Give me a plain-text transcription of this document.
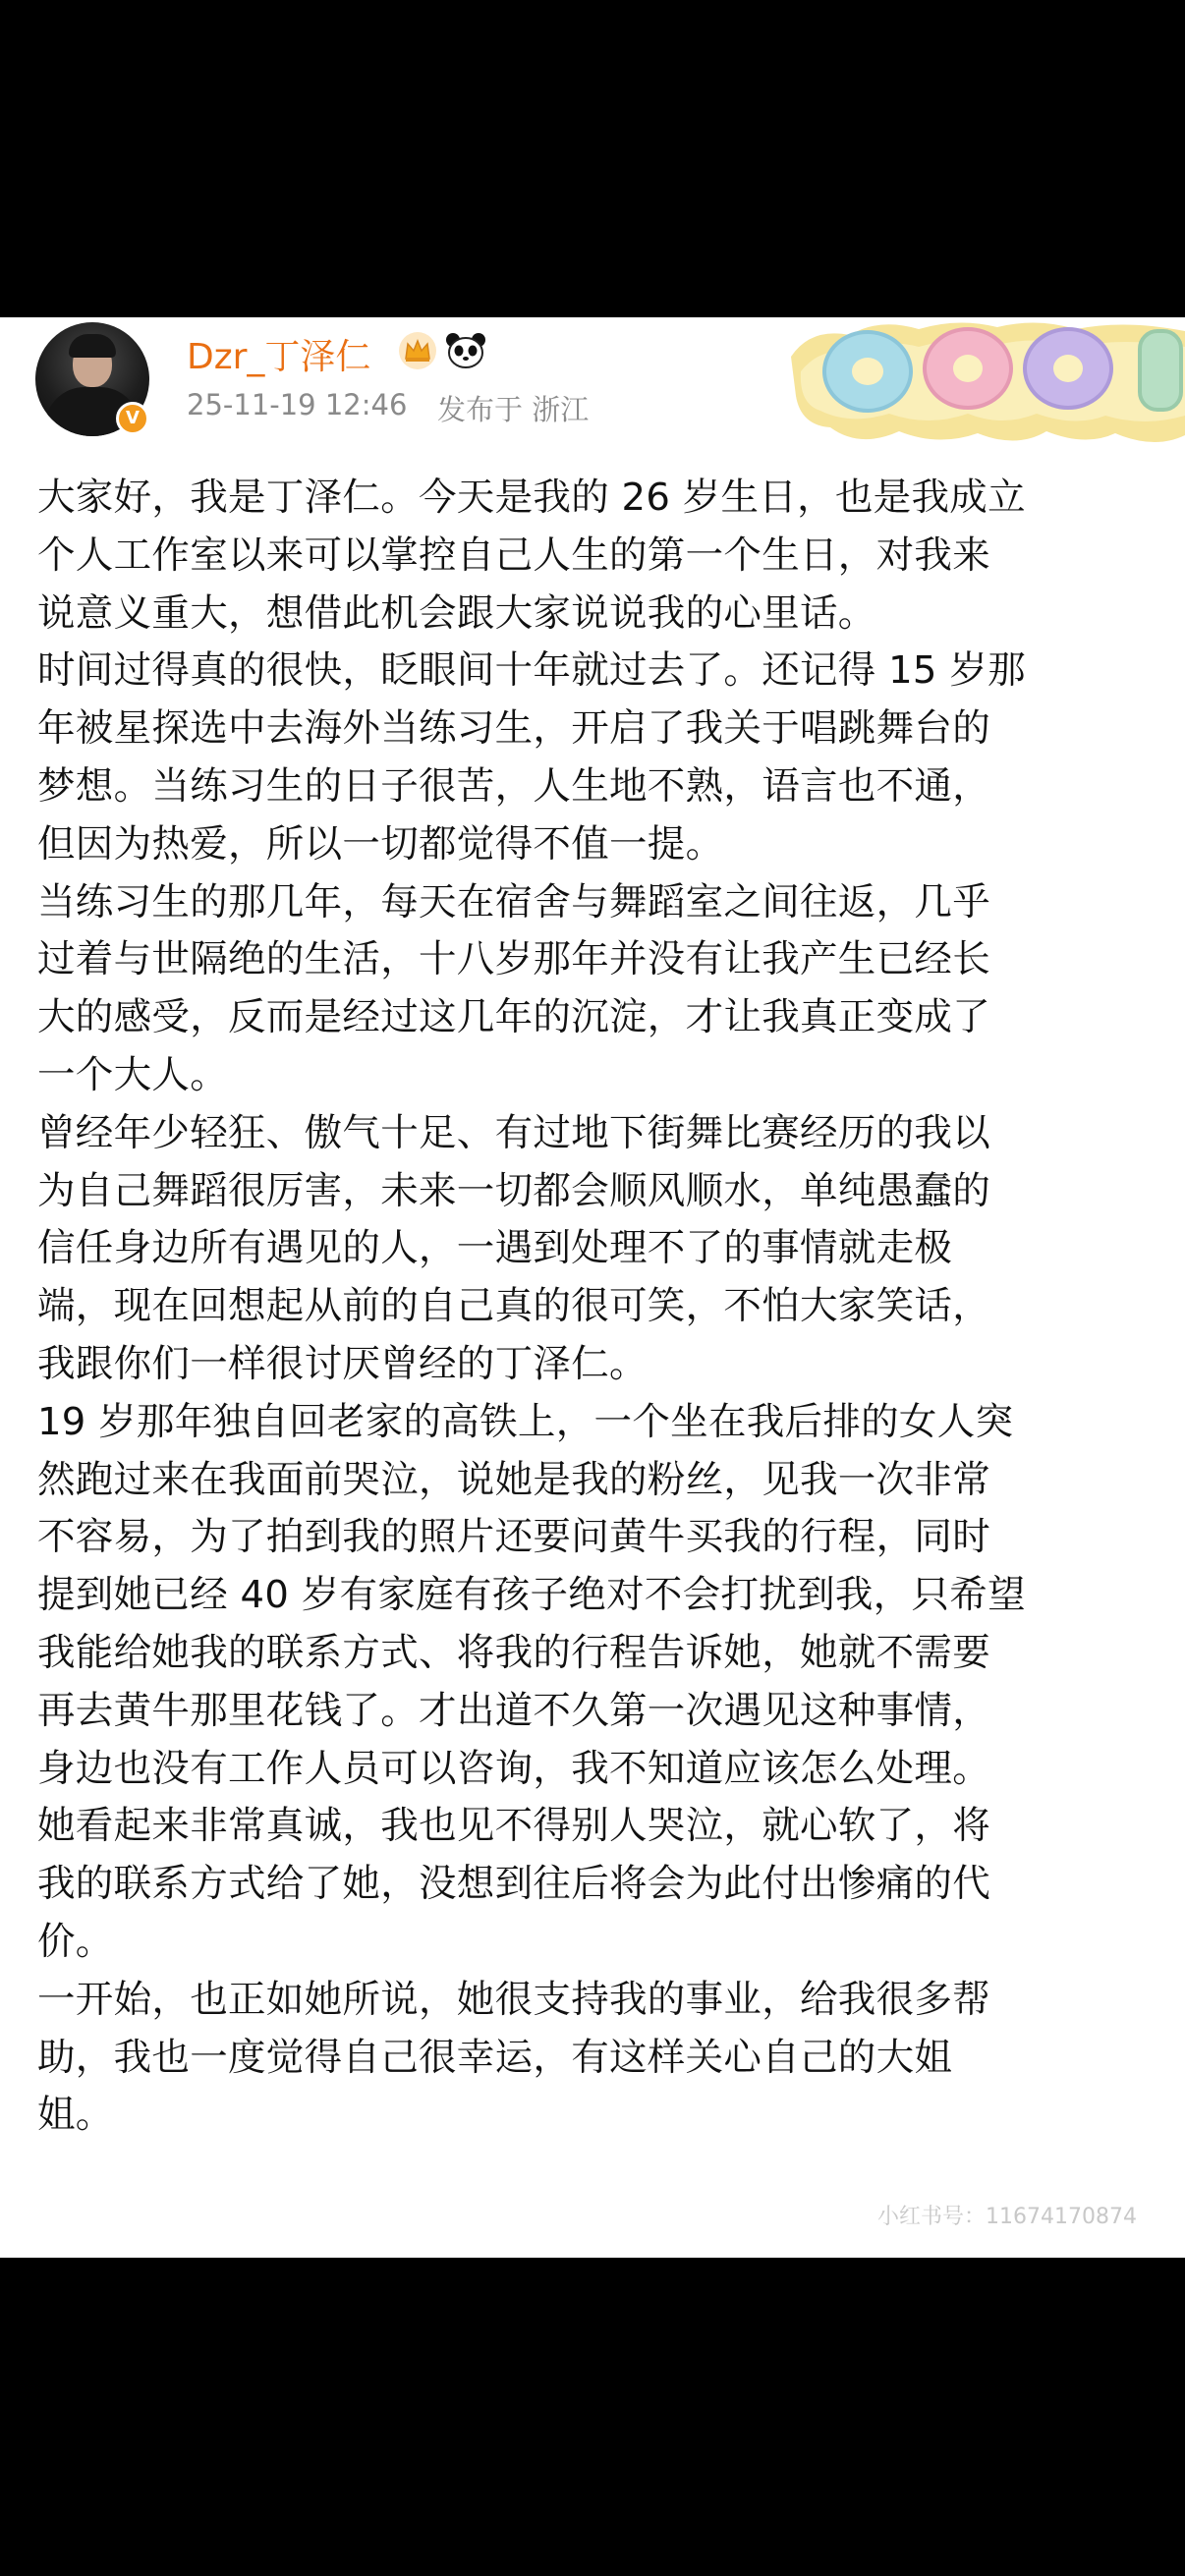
V
Dzr_丁泽仁
25-11-19 12:46 发布于 浙江
大家好，我是丁泽仁。今天是我的 26 岁生日，也是我成立
个人工作室以来可以掌控自己人生的第一个生日，对我来
说意义重大，想借此机会跟大家说说我的心里话。
时间过得真的很快，眨眼间十年就过去了。还记得 15 岁那
年被星探选中去海外当练习生，开启了我关于唱跳舞台的
梦想。当练习生的日子很苦，人生地不熟，语言也不通，
但因为热爱，所以一切都觉得不值一提。
当练习生的那几年，每天在宿舍与舞蹈室之间往返，几乎
过着与世隔绝的生活，十八岁那年并没有让我产生已经长
大的感受，反而是经过这几年的沉淀，才让我真正变成了
一个大人。
曾经年少轻狂、傲气十足、有过地下街舞比赛经历的我以
为自己舞蹈很厉害，未来一切都会顺风顺水，单纯愚蠢的
信任身边所有遇见的人，一遇到处理不了的事情就走极
端，现在回想起从前的自己真的很可笑，不怕大家笑话，
我跟你们一样很讨厌曾经的丁泽仁。
19 岁那年独自回老家的高铁上，一个坐在我后排的女人突
然跑过来在我面前哭泣，说她是我的粉丝，见我一次非常
不容易，为了拍到我的照片还要问黄牛买我的行程，同时
提到她已经 40 岁有家庭有孩子绝对不会打扰到我，只希望
我能给她我的联系方式、将我的行程告诉她，她就不需要
再去黄牛那里花钱了。才出道不久第一次遇见这种事情，
身边也没有工作人员可以咨询，我不知道应该怎么处理。
她看起来非常真诚，我也见不得别人哭泣，就心软了，将
我的联系方式给了她，没想到往后将会为此付出惨痛的代
价。
一开始，也正如她所说，她很支持我的事业，给我很多帮
助，我也一度觉得自己很幸运，有这样关心自己的大姐
姐。
小红书号：11674170874
